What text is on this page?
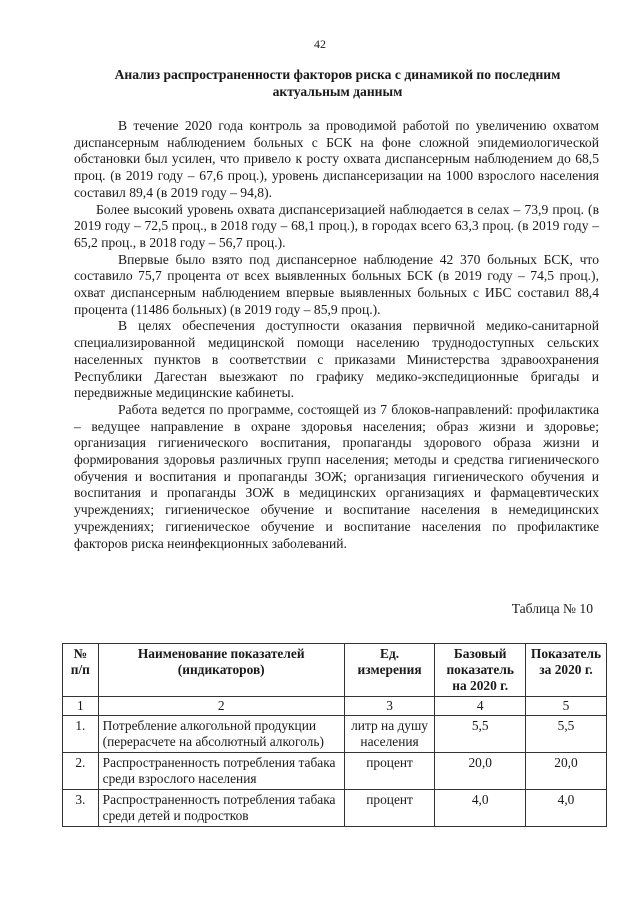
42
Анализ распространенности факторов риска с динамикой по последним актуальным данным

В течение 2020 года контроль за проводимой работой по увеличению охватом диспансерным наблюдением больных с БСК на фоне сложной эпидемиологической обстановки был усилен, что привело к росту охвата диспансерным наблюдением до 68,5 проц. (в 2019 году – 67,6 проц.), уровень диспансеризации на 1000 взрослого населения составил 89,4 (в 2019 году – 94,8).

Более высокий уровень охвата диспансеризацией наблюдается в селах – 73,9 проц. (в 2019 году – 72,5 проц., в 2018 году – 68,1 проц.), в городах всего 63,3 проц. (в 2019 году – 65,2 проц., в 2018 году – 56,7 проц.).

Впервые было взято под диспансерное наблюдение 42 370 больных БСК, что составило 75,7 процента от всех выявленных больных БСК (в 2019 году – 74,5 проц.), охват диспансерным наблюдением впервые выявленных больных с ИБС составил 88,4 процента (11486 больных) (в 2019 году – 85,9 проц.).

В целях обеспечения доступности оказания первичной медико-санитарной специализированной медицинской помощи населению труднодоступных сельских населенных пунктов в соответствии с приказами Министерства здравоохранения Республики Дагестан выезжают по графику медико-экспедиционные бригады и передвижные медицинские кабинеты.

Работа ведется по программе, состоящей из 7 блоков-направлений: профилактика – ведущее направление в охране здоровья населения; образ жизни и здоровье; организация гигиенического воспитания, пропаганды здорового образа жизни и формирования здоровья различных групп населения; методы и средства гигиенического обучения и воспитания и пропаганды ЗОЖ; организация гигиенического обучения и воспитания и пропаганды ЗОЖ в медицинских организациях и фармацевтических учреждениях; гигиеническое обучение и воспитание населения в немедицинских учреждениях; гигиеническое обучение и воспитание населения по профилактике факторов риска неинфекционных заболеваний.

Таблица № 10
№ п/п	Наименование показателей (индикаторов)	Ед. измерения	Базовый показатель на 2020 г.	Показатель за 2020 г.
1	2	3	4	5
1.	Потребление алкогольной продукции (перерасчете на абсолютный алкоголь)	литр на душу населения	5,5	5,5
2.	Распространенность потребления табака среди взрослого населения	процент	20,0	20,0
3.	Распространенность потребления табака среди детей и подростков	процент	4,0	4,0
